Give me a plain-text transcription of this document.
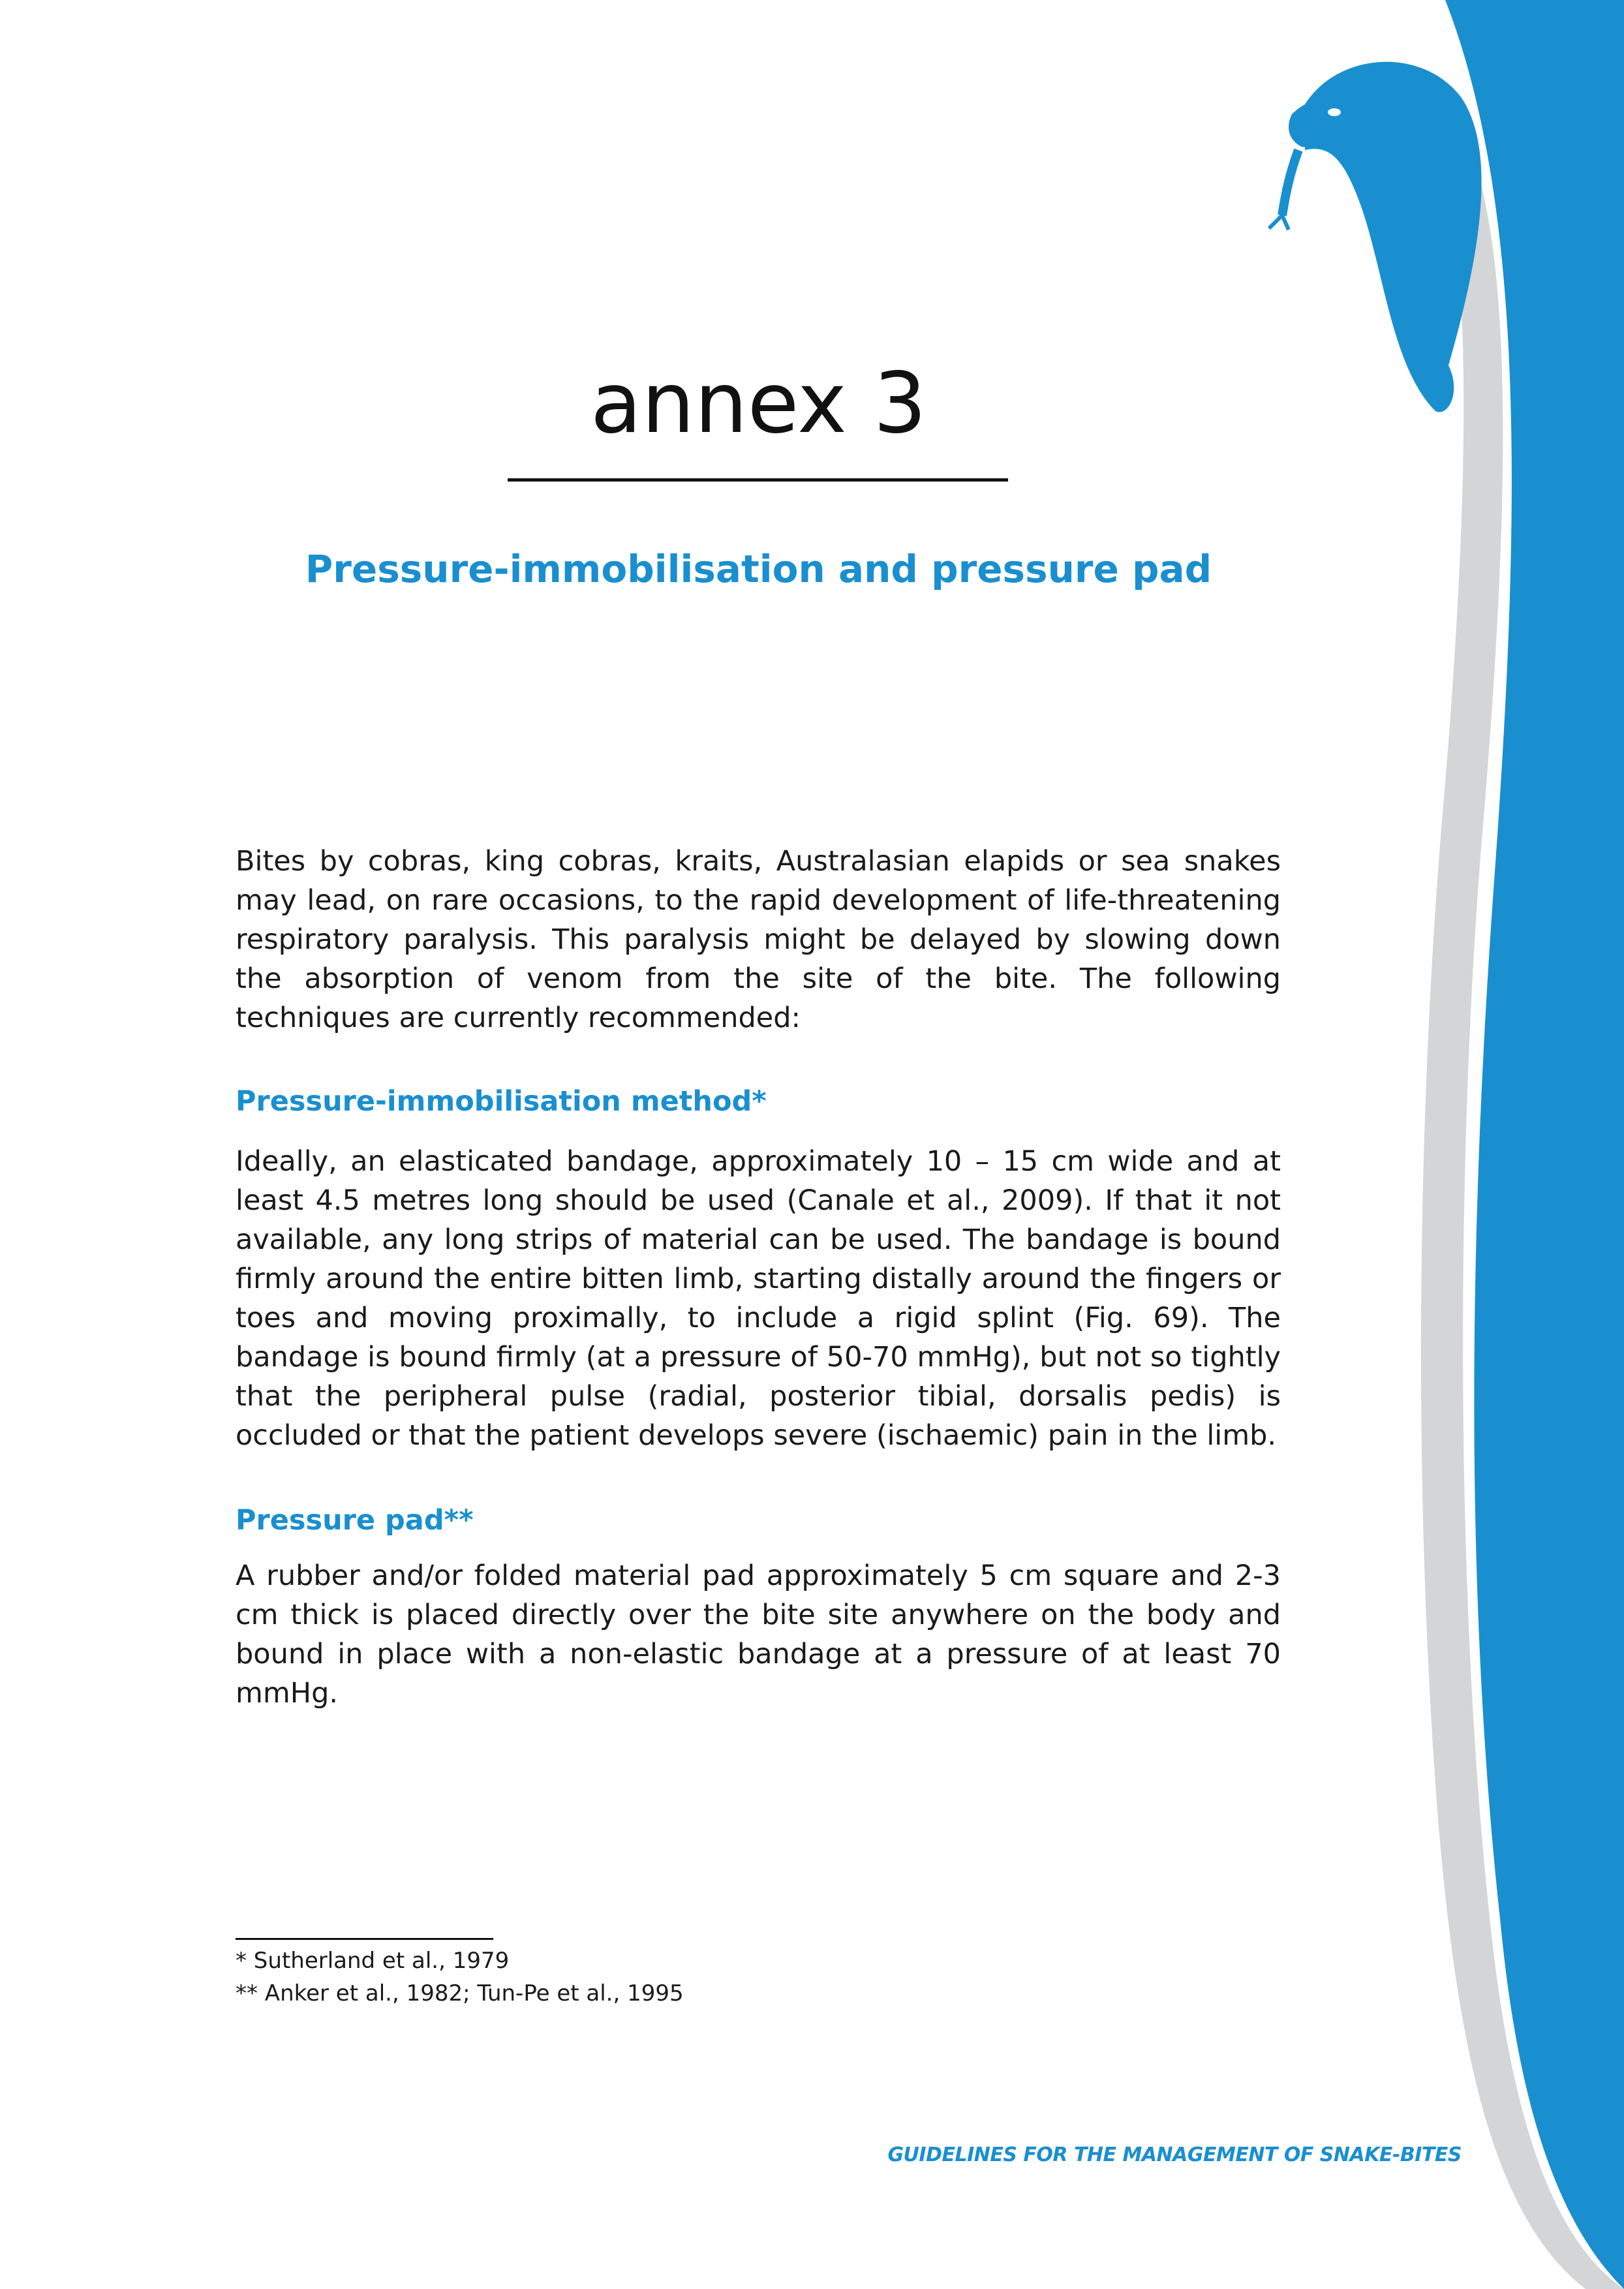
annex 3
Pressure-immobilisation and pressure pad

Bites by cobras, king cobras, kraits, Australasian elapids or sea snakes may lead, on rare occasions, to the rapid development of life-threatening respiratory paralysis. This paralysis might be delayed by slowing down the absorption of venom from the site of the bite. The following techniques are currently recommended:

Pressure-immobilisation method*

Ideally, an elasticated bandage, approximately 10 – 15 cm wide and at least 4.5 metres long should be used (Canale et al., 2009). If that it not available, any long strips of material can be used. The bandage is bound firmly around the entire bitten limb, starting distally around the fingers or toes and moving proximally, to include a rigid splint (Fig. 69). The bandage is bound firmly (at a pressure of 50-70 mmHg), but not so tightly that the peripheral pulse (radial, posterior tibial, dorsalis pedis) is occluded or that the patient develops severe (ischaemic) pain in the limb.

Pressure pad**

A rubber and/or folded material pad approximately 5 cm square and 2-3 cm thick is placed directly over the bite site anywhere on the body and bound in place with a non-elastic bandage at a pressure of at least 70 mmHg.

* Sutherland et al., 1979

** Anker et al., 1982; Tun-Pe et al., 1995

GUIDELINES FOR THE MANAGEMENT OF SNAKE-BITES
